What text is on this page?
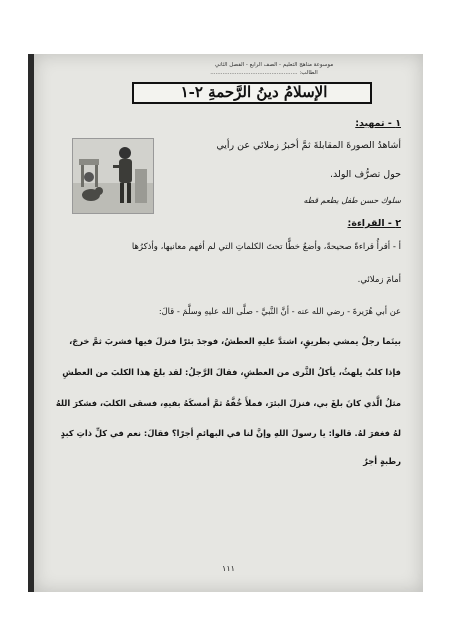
موسوعة مناهج التعليم - الصف الرابع - الفصل الثاني
الطالب: ..................................................
الإسلامُ دينُ الرَّحمةِ ٢-١
١ - تمهيد:
أشاهدُ الصورةَ المقابلةَ ثمَّ أخبرُ زملائي عن رأيي
حول تصرُّف الولد.
سلوك حسن طفل يطعم قطه
٢ - القراءة:
أ - أقرأُ قراءةً صحيحةً، وأضعُ خطًّا تحتَ الكلماتِ التي لم أفهم معانيها، وأذكرُها
أمامَ زملائي.
عن أبي هُرَيرةَ - رضي الله عنه - أنَّ النَّبيَّ - صلَّى الله عليهِ وسلَّمَ - قالَ:
بينَما رجلٌ يمشي بطريقٍ، اشتدَّ عليهِ العطشُ، فوجدَ بئرًا فنزلَ فيها فشربَ ثمَّ خرجَ،
فإذا كلبٌ يلهثُ، يأكلُ الثَّرى من العطشِ، فقالَ الرَّجلُ: لقد بلغَ هذا الكلبَ من العطشِ
مثلُ الَّذي كانَ بلغَ بي، فنزلَ البئرَ، فملأَ خُفَّهُ ثمَّ أمسكَهُ بفيهِ، فسقى الكلبَ، فشكرَ اللهُ
لهُ فغفرَ لهُ. قالوا: يا رسولَ اللهِ وإنَّ لنا في البهائمِ أجرًا؟ فقالَ: نعم في كلِّ ذاتِ كبدٍ
رطبةٍ أجرٌ
١١١
